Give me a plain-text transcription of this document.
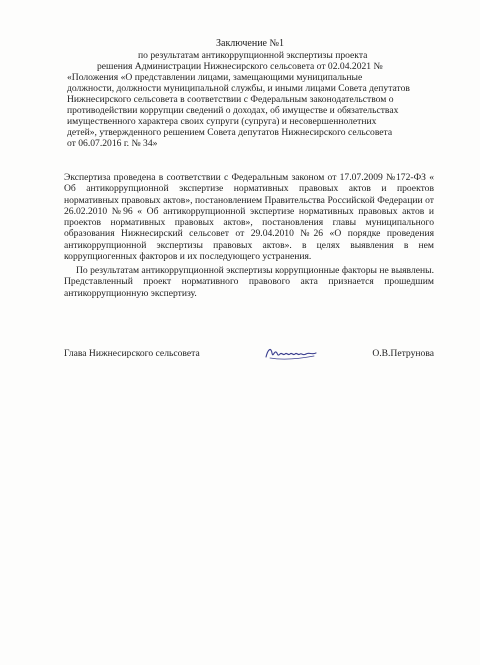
Заключение №1
по результатам антикоррупционной экспертизы проекта
решения Администрации Нижнесирского сельсовета от 02.04.2021 №
«Положения «О представлении лицами, замещающими муниципальные
должности, должности муниципальной службы, и иными лицами Совета депутатов
Нижнесирского сельсовета в соответствии с Федеральным законодательством о
противодействии коррупции сведений о доходах, об имуществе и обязательствах
имущественного характера своих супруги (супруга) и несовершеннолетних
детей», утвержденного решением Совета депутатов Нижнесирского сельсовета
от 06.07.2016 г. № 34»
Экспертиза проведена в соответствии с Федеральным законом от 17.07.2009 №172-ФЗ « Об антикоррупционной экспертизе нормативных правовых актов и проектов нормативных правовых актов», постановлением Правительства Российской Федерации от 26.02.2010 №96 « Об антикоррупционной экспертизе нормативных правовых актов и проектов нормативных правовых актов», постановления главы муниципального образования Нижнесирский сельсовет от 29.04.2010 №26 «О порядке проведения антикоррупционной экспертизы правовых актов». в целях выявления в нем коррупциогенных факторов и их последующего устранения.
По результатам антикоррупционной экспертизы коррупционные факторы не выявлены. Представленный проект нормативного правового акта признается прошедшим антикоррупционную экспертизу.
Глава Нижнесирского сельсовета	О.В.Петрунова
